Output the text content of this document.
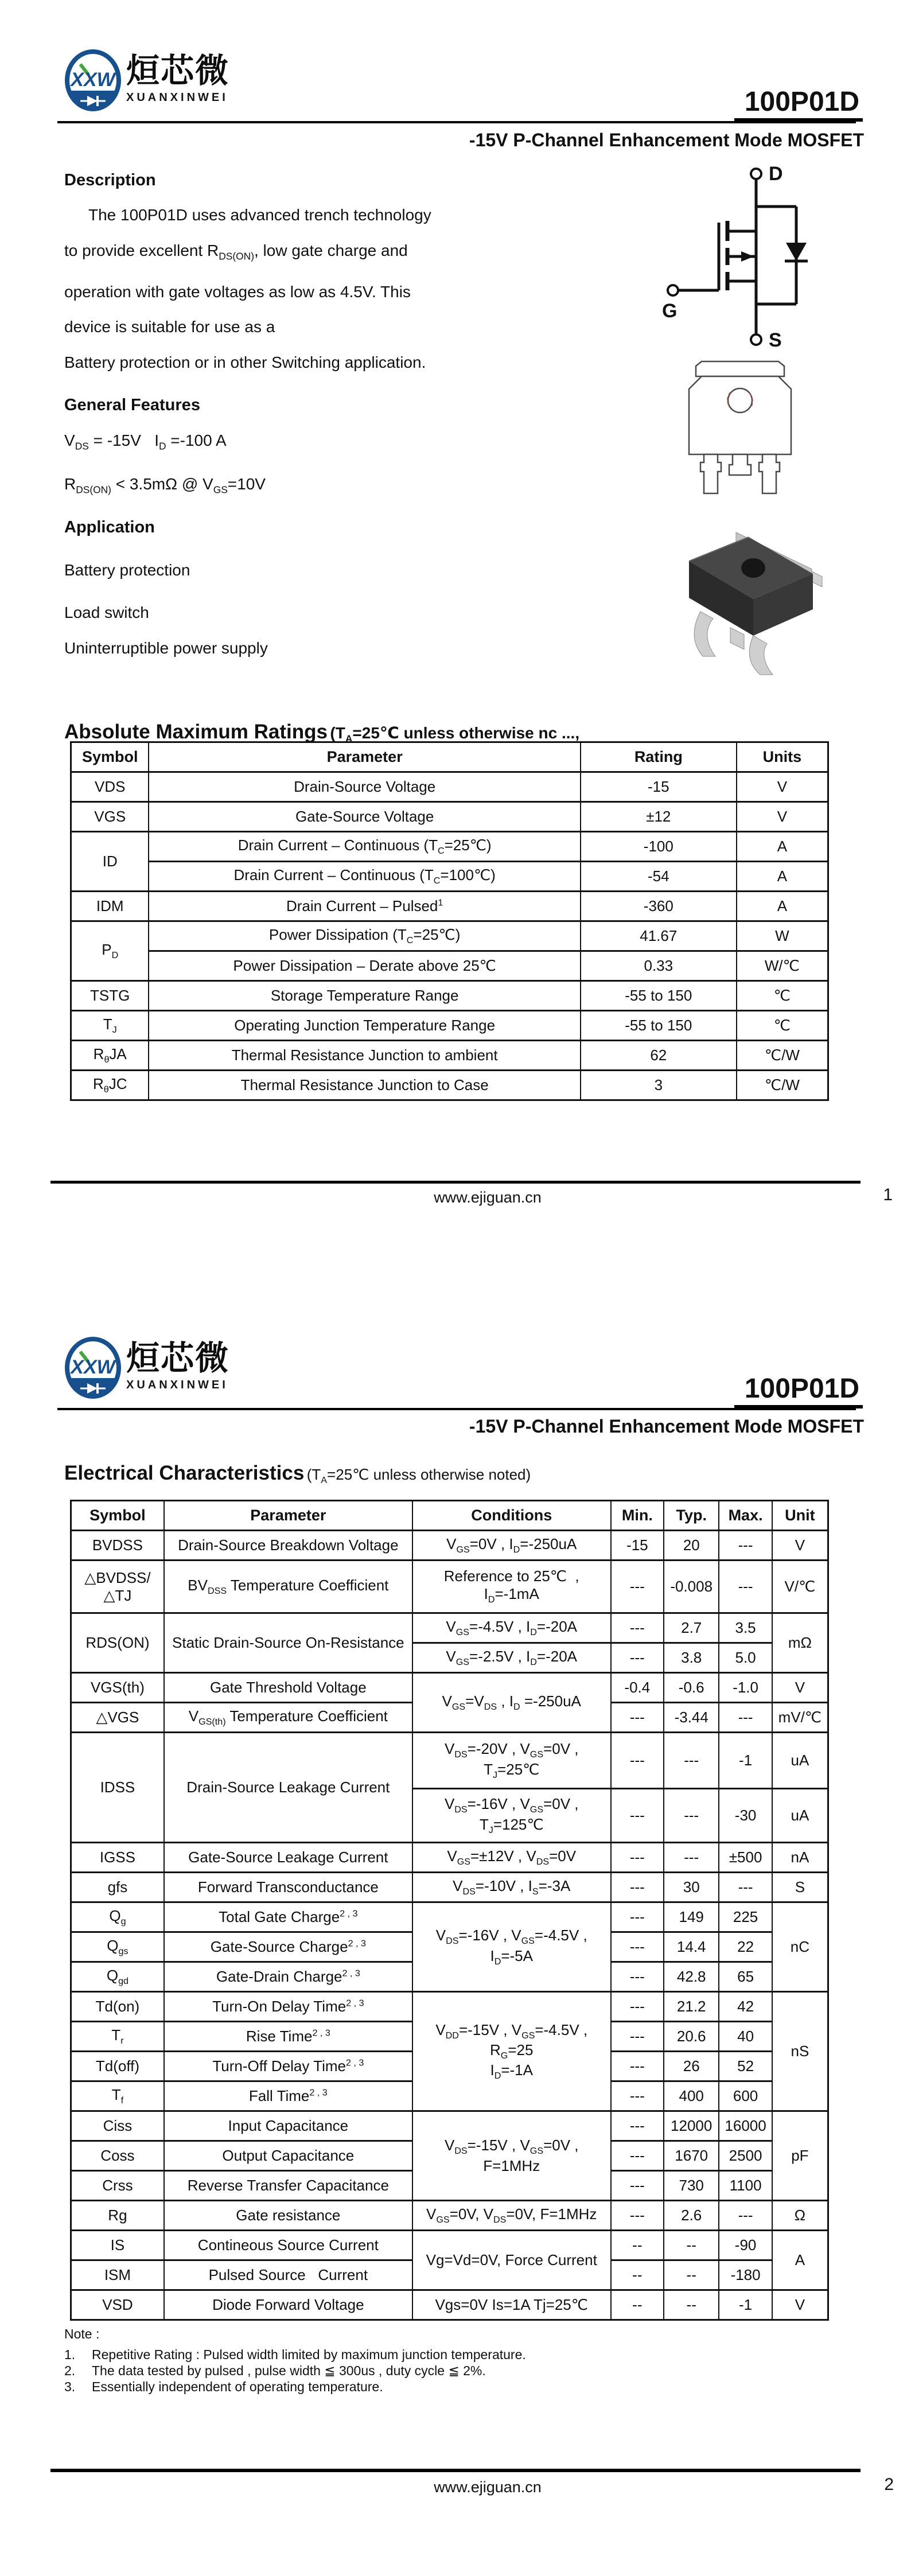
XXW 烜芯微
XUANXINWEI	100P01D
-15V P-Channel Enhancement Mode MOSFET
Description
The 100P01D uses advanced trench technology
to provide excellent $R_{DS(ON)}$, low gate charge and
operation with gate voltages as low as 4.5V. This
device is suitable for use as a
Battery protection or in other Switching application.
General Features
$V_{DS} = -15V$   $I_D =-100$ A
$R_{DS(ON)} < 3.5m\Omega$ @ $V_{GS}=10V$
Application
Battery protection
Load switch
Uninterruptible power supply
D
G
S
Absolute Maximum Ratings ($T_A=25℃$ unless otherwise nc ...,
Symbol	Parameter	Rating	Units
VDS	Drain-Source Voltage	-15	V
VGS	Gate-Source Voltage	±12	V
ID	Drain Current – Continuous $(T_C=25℃)$	-100	A
	Drain Current – Continuous $(T_C=100℃)$	-54	A
IDM	Drain Current – Pulsed$^1$	-360	A
$P_D$	Power Dissipation $(T_C=25℃)$	41.67	W
	Power Dissipation – Derate above 25℃	0.33	W/℃
TSTG	Storage Temperature Range	-55 to 150	℃
$T_J$	Operating Junction Temperature Range	-55 to 150	℃
$R_\theta JA$	Thermal Resistance Junction to ambient	62	℃/W
$R_\theta JC$	Thermal Resistance Junction to Case	3	℃/W
www.ejiguan.cn	1
XXW 烜芯微
XUANXINWEI	100P01D
-15V P-Channel Enhancement Mode MOSFET
Electrical Characteristics ($T_A=25℃$ unless otherwise noted)
Symbol	Parameter	Conditions	Min.	Typ.	Max.	Unit
BVDSS	Drain-Source Breakdown Voltage	$V_{GS}=0V$ , $I_D=-250uA$	-15	20	---	V
△BVDSS/
△TJ	$BV_{DSS}$ Temperature Coefficient	Reference to 25℃  , $I_D=-1mA$	---	-0.008	---	V/℃
RDS(ON)	Static Drain-Source On-Resistance	$V_{GS}=-4.5V$ , $I_D=-20A$	---	2.7	3.5	mΩ
		$V_{GS}=-2.5V$ , $I_D=-20A$	---	3.8	5.0	
VGS(th)	Gate Threshold Voltage	$V_{GS}=V_{DS}$ , $I_D =-250uA$	-0.4	-0.6	-1.0	V
△VGS	$V_{GS(th)}$ Temperature Coefficient		---	-3.44	---	mV/℃
IDSS	Drain-Source Leakage Current	$V_{DS}=-20V$ , $V_{GS}=0V$ ,
$T_J=25℃$	---	---	-1	uA
		$V_{DS}=-16V$ , $V_{GS}=0V$ ,
$T_J=125℃$	---	---	-30	uA
IGSS	Gate-Source Leakage Current	$V_{GS}=\pm 12V$ , $V_{DS}=0V$	---	---	±500	nA
gfs	Forward Transconductance	$V_{DS}=-10V$ , $I_S=-3A$	---	30	---	S
$Q_g$	Total Gate Charge$^{2 , 3}$	$V_{DS}=-16V$ , $V_{GS}=-4.5V$ , $I_D=-5A$	---	149	225	nC
$Q_{gs}$	Gate-Source Charge$^{2 , 3}$		---	14.4	22	
$Q_{gd}$	Gate-Drain Charge$^{2 , 3}$		---	42.8	65	
Td(on)	Turn-On Delay Time$^{2 , 3}$	$V_{DD}=-15V$ , $V_{GS}=-4.5V$ ,
$R_G=25$
$I_D=-1A$	---	21.2	42	nS
$T_r$	Rise Time$^{2 , 3}$		---	20.6	40	
Td(off)	Turn-Off Delay Time$^{2 , 3}$		---	26	52	
$T_f$	Fall Time$^{2 , 3}$		---	400	600	
Ciss	Input Capacitance	$V_{DS}=-15V$ , $V_{GS}=0V$ ,
F=1MHz	---	12000	16000	pF
Coss	Output Capacitance		---	1670	2500	
Crss	Reverse Transfer Capacitance		---	730	1100	
Rg	Gate resistance	$V_{GS}=0V$, $V_{DS}=0V$, F=1MHz	---	2.6	---	Ω
IS	Contineous Source Current	Vg=Vd=0V, Force Current	--	--	-90	A
ISM	Pulsed Source   Current		--	--	-180	
VSD	Diode Forward Voltage	Vgs=0V Is=1A Tj=25℃	--	--	-1	V
Note :
1.	Repetitive Rating : Pulsed width limited by maximum junction temperature.
2.	The data tested by pulsed , pulse width ≦ 300us , duty cycle ≦ 2%.
3.	Essentially independent of operating temperature.
www.ejiguan.cn	2
